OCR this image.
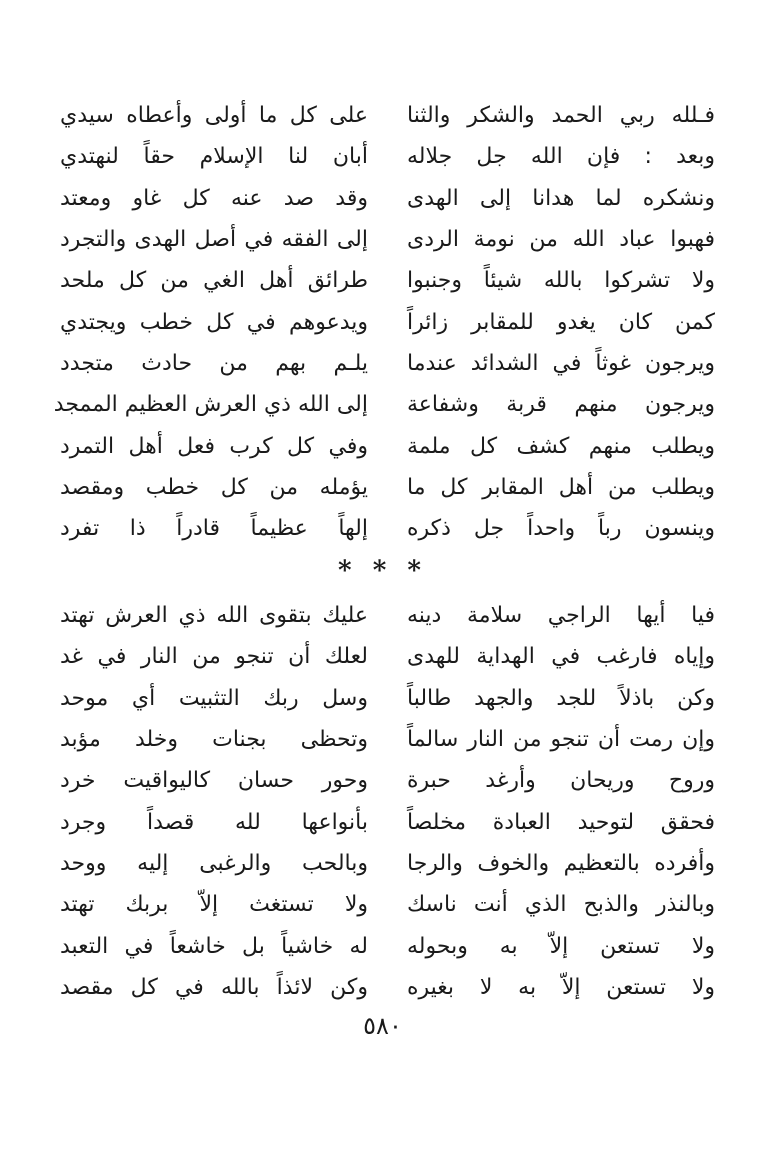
فـلله ربي الحمد والشكر والثنا
على كل ما أولى وأعطاه سيدي
وبعد : فإن الله جل جلاله
أبان لنا الإسلام حقاً لنهتدي
ونشكره لما هدانا إلى الهدى
وقد صد عنه كل غاو ومعتد
فهبوا عباد الله من نومة الردى
إلى الفقه في أصل الهدى والتجرد
ولا تشركوا بالله شيئاً وجنبوا
طرائق أهل الغي من كل ملحد
كمن كان يغدو للمقابر زائراً
ويدعوهم في كل خطب ويجتدي
ويرجون غوثاً في الشدائد عندما
يلـم بهم من حادث متجدد
ويرجون منهم قربة وشفاعة
إلى الله ذي العرش العظيم الممجد
ويطلب منهم كشف كل ملمة
وفي كل كرب فعل أهل التمرد
ويطلب من أهل المقابر كل ما
يؤمله من كل خطب ومقصد
وينسون رباً واحداً جل ذكره
إلهاً عظيماً قادراً ذا تفرد
* * *
فيا أيها الراجي سلامة دينه
عليك بتقوى الله ذي العرش تهتد
وإياه فارغب في الهداية للهدى
لعلك أن تنجو من النار في غد
وكن باذلاً للجد والجهد طالباً
وسل ربك التثبيت أي موحد
وإن رمت أن تنجو من النار سالماً
وتحظى بجنات وخلد مؤبد
وروح وريحان وأرغد حبرة
وحور حسان كاليواقيت خرد
فحقق لتوحيد العبادة مخلصاً
بأنواعها لله قصداً وجرد
وأفرده بالتعظيم والخوف والرجا
وبالحب والرغبى إليه ووحد
وبالنذر والذبح الذي أنت ناسك
ولا تستغث إلاّ بربك تهتد
ولا تستعن إلاّ به وبحوله
له خاشياً بل خاشعاً في التعبد
ولا تستعن إلاّ به لا بغيره
وكن لائذاً بالله في كل مقصد
٥٨٠
